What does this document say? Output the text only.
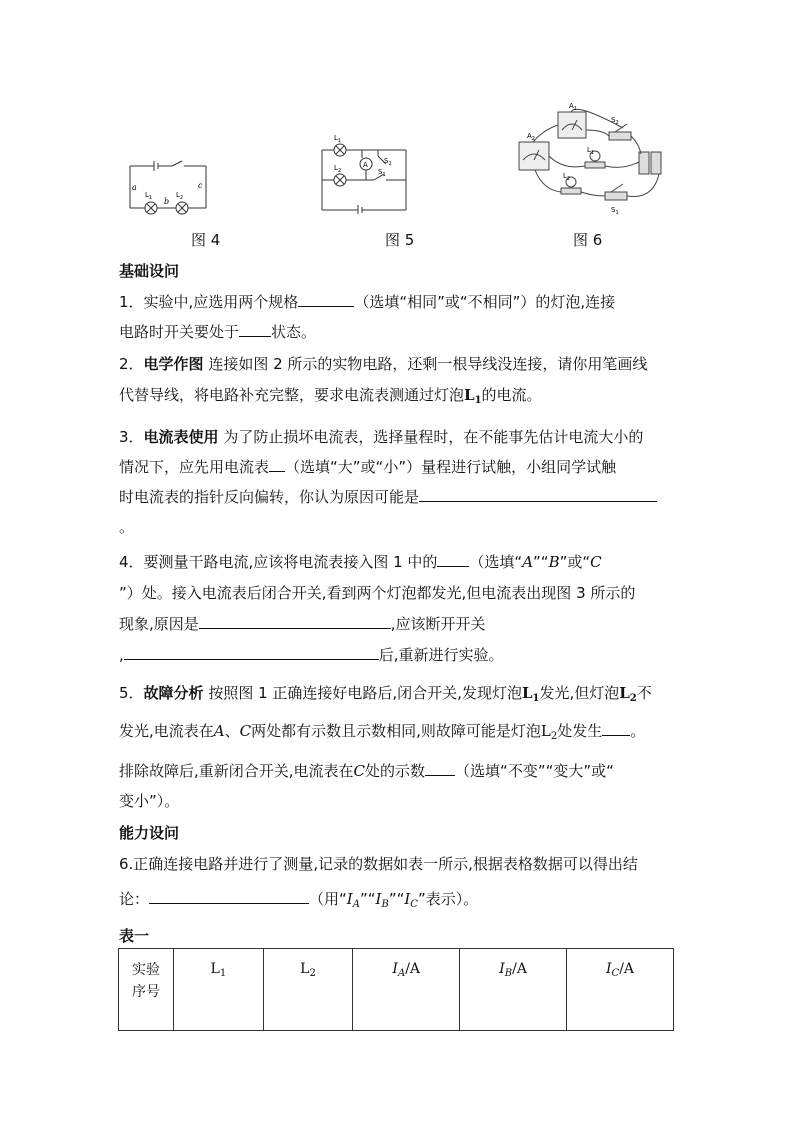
a
b
c
$L_1$	$L_2$
图 4
A
$L_1$
$L_2$
$S_2$
$S_1$
图 5
$A_1$
$A_2$
$S_2$
$S_1$
$L_1$
$L_2$
图 6
基础设问
1．实验中,应选用两个规格	（选填“相同”或“不相同”）的灯泡,连接
电路时开关要处于 状态。
2．电学作图 连接如图 2 所示的实物电路，还剩一根导线没连接，请你用笔画线
代替导线，将电路补充完整，要求电流表测通过灯泡$L_1$的电流。
3．电流表使用 为了防止损坏电流表，选择量程时，在不能事先估计电流大小的
情况下，应先用电流表 （选填“大”或“小”）量程进行试触，小组同学试触
时电流表的指针反向偏转，你认为原因可能是
。
4．要测量干路电流,应该将电流表接入图 1 中的 （选填“A”“B”或“C
”）处。接入电流表后闭合开关,看到两个灯泡都发光,但电流表出现图 3 所示的
现象,原因是	,应该断开开关
,	后,重新进行实验。
5．故障分析 按照图 1 正确连接好电路后,闭合开关,发现灯泡$L_1$发光,但灯泡$L_2$不
发光,电流表在A、C两处都有示数且示数相同,则故障可能是灯泡$L_2$处发生 。
排除故障后,重新闭合开关,电流表在C处的示数 （选填“不变”“变大”或“
变小”）。
能力设问
6.正确连接电路并进行了测量,记录的数据如表一所示,根据表格数据可以得出结
论：	（用“$I_A”“I_B”“I_C$”表示）。
表一
实验
序号	$L_1$	$L_2$	$I_A/A$	$I_B/A$	$I_C/A$
